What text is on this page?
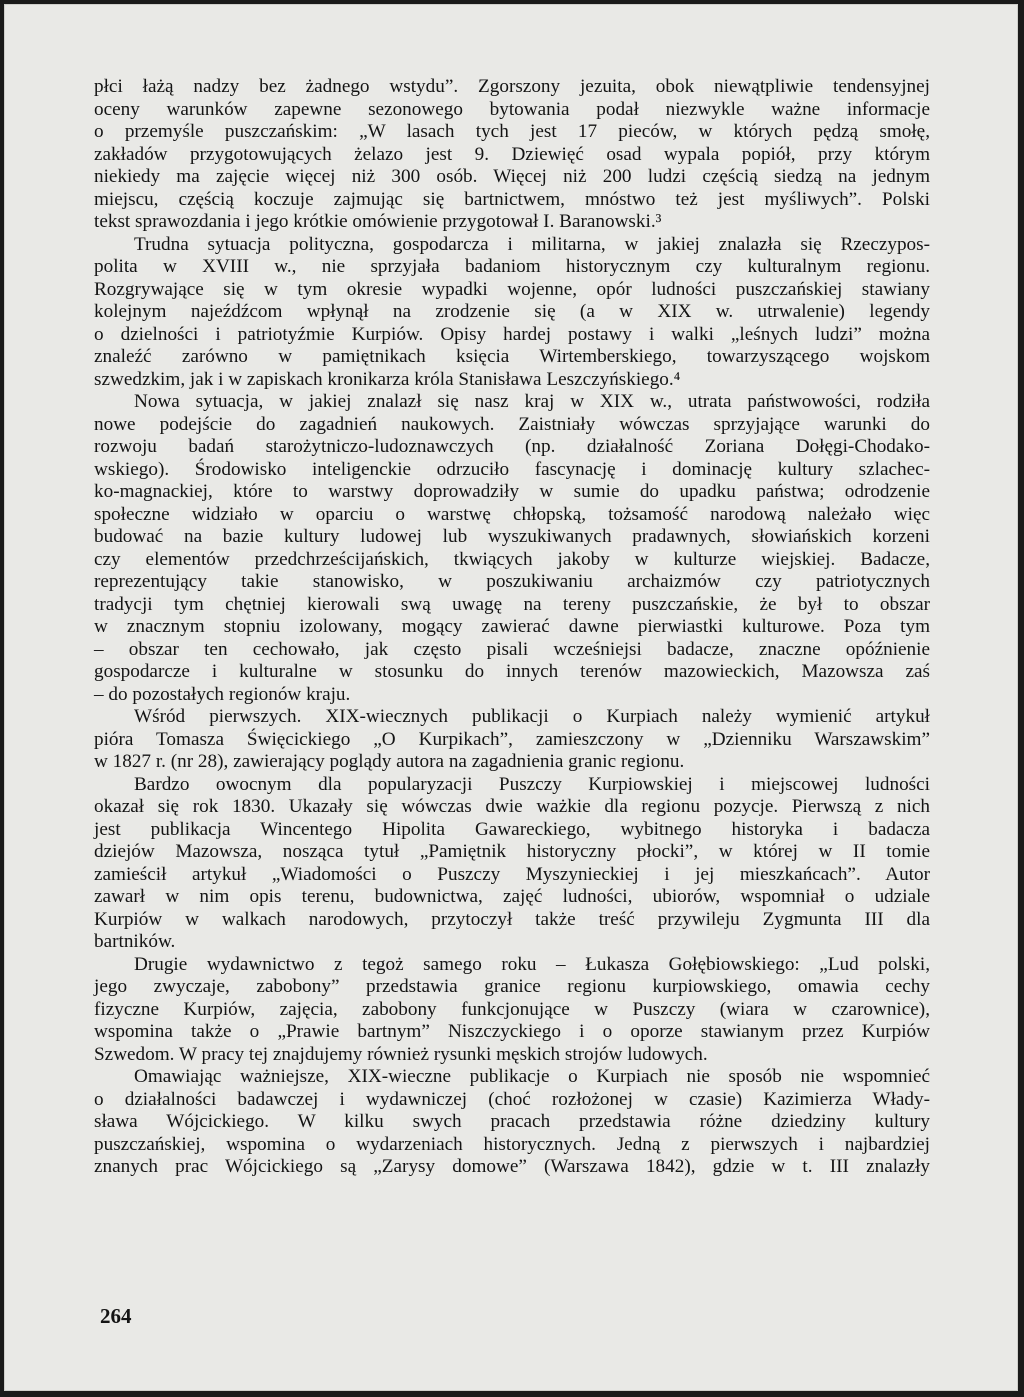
płci łażą nadzy bez żadnego wstydu”. Zgorszony jezuita, obok niewątpliwie tendensyjnej
oceny warunków zapewne sezonowego bytowania podał niezwykle ważne informacje
o przemyśle puszczańskim: „W lasach tych jest 17 pieców, w których pędzą smołę,
zakładów przygotowujących żelazo jest 9. Dziewięć osad wypala popiół, przy którym
niekiedy ma zajęcie więcej niż 300 osób. Więcej niż 200 ludzi częścią siedzą na jednym
miejscu, częścią koczuje zajmując się bartnictwem, mnóstwo też jest myśliwych”. Polski
tekst sprawozdania i jego krótkie omówienie przygotował I. Baranowski.³
Trudna sytuacja polityczna, gospodarcza i militarna, w jakiej znalazła się Rzeczypos-
polita w XVIII w., nie sprzyjała badaniom historycznym czy kulturalnym regionu.
Rozgrywające się w tym okresie wypadki wojenne, opór ludności puszczańskiej stawiany
kolejnym najeźdźcom wpłynął na zrodzenie się (a w XIX w. utrwalenie) legendy
o dzielności i patriotyźmie Kurpiów. Opisy hardej postawy i walki „leśnych ludzi” można
znaleźć zarówno w pamiętnikach księcia Wirtemberskiego, towarzyszącego wojskom
szwedzkim, jak i w zapiskach kronikarza króla Stanisława Leszczyńskiego.⁴
Nowa sytuacja, w jakiej znalazł się nasz kraj w XIX w., utrata państwowości, rodziła
nowe podejście do zagadnień naukowych. Zaistniały wówczas sprzyjające warunki do
rozwoju badań starożytniczo-ludoznawczych (np. działalność Zoriana Dołęgi-Chodako-
wskiego). Środowisko inteligenckie odrzuciło fascynację i dominację kultury szlachec-
ko-magnackiej, które to warstwy doprowadziły w sumie do upadku państwa; odrodzenie
społeczne widziało w oparciu o warstwę chłopską, tożsamość narodową należało więc
budować na bazie kultury ludowej lub wyszukiwanych pradawnych, słowiańskich korzeni
czy elementów przedchrześcijańskich, tkwiących jakoby w kulturze wiejskiej. Badacze,
reprezentujący takie stanowisko, w poszukiwaniu archaizmów czy patriotycznych
tradycji tym chętniej kierowali swą uwagę na tereny puszczańskie, że był to obszar
w znacznym stopniu izolowany, mogący zawierać dawne pierwiastki kulturowe. Poza tym
– obszar ten cechowało, jak często pisali wcześniejsi badacze, znaczne opóźnienie
gospodarcze i kulturalne w stosunku do innych terenów mazowieckich, Mazowsza zaś
– do pozostałych regionów kraju.
Wśród pierwszych. XIX-wiecznych publikacji o Kurpiach należy wymienić artykuł
pióra Tomasza Święcickiego „O Kurpikach”, zamieszczony w „Dzienniku Warszawskim”
w 1827 r. (nr 28), zawierający poglądy autora na zagadnienia granic regionu.
Bardzo owocnym dla popularyzacji Puszczy Kurpiowskiej i miejscowej ludności
okazał się rok 1830. Ukazały się wówczas dwie ważkie dla regionu pozycje. Pierwszą z nich
jest publikacja Wincentego Hipolita Gawareckiego, wybitnego historyka i badacza
dziejów Mazowsza, nosząca tytuł „Pamiętnik historyczny płocki”, w której w II tomie
zamieścił artykuł „Wiadomości o Puszczy Myszynieckiej i jej mieszkańcach”. Autor
zawarł w nim opis terenu, budownictwa, zajęć ludności, ubiorów, wspomniał o udziale
Kurpiów w walkach narodowych, przytoczył także treść przywileju Zygmunta III dla
bartników.
Drugie wydawnictwo z tegoż samego roku – Łukasza Gołębiowskiego: „Lud polski,
jego zwyczaje, zabobony” przedstawia granice regionu kurpiowskiego, omawia cechy
fizyczne Kurpiów, zajęcia, zabobony funkcjonujące w Puszczy (wiara w czarownice),
wspomina także o „Prawie bartnym” Niszczyckiego i o oporze stawianym przez Kurpiów
Szwedom. W pracy tej znajdujemy również rysunki męskich strojów ludowych.
Omawiając ważniejsze, XIX-wieczne publikacje o Kurpiach nie sposób nie wspomnieć
o działalności badawczej i wydawniczej (choć rozłożonej w czasie) Kazimierza Włady-
sława Wójcickiego. W kilku swych pracach przedstawia różne dziedziny kultury
puszczańskiej, wspomina o wydarzeniach historycznych. Jedną z pierwszych i najbardziej
znanych prac Wójcickiego są „Zarysy domowe” (Warszawa 1842), gdzie w t. III znalazły
264
